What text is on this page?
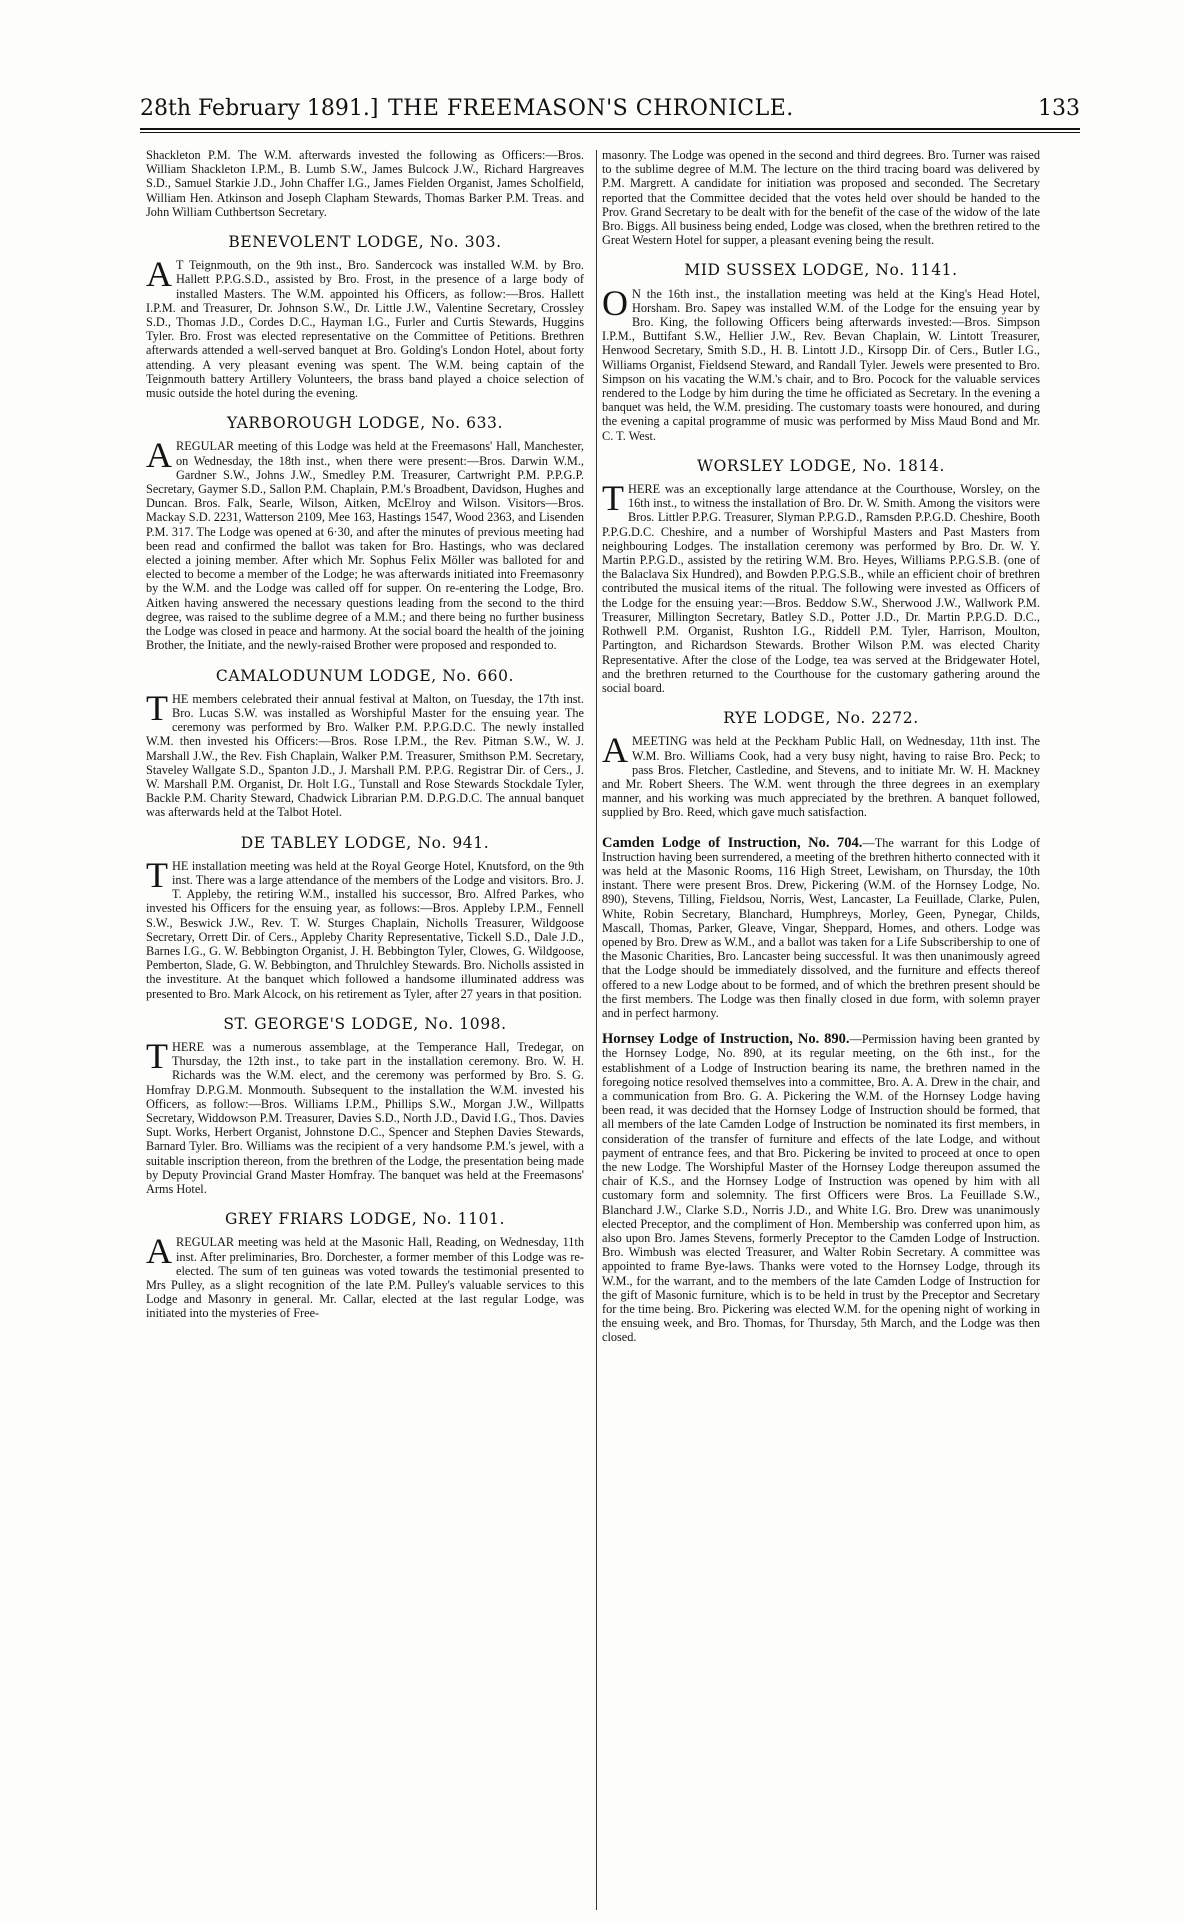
28th February 1891.] THE FREEMASON'S CHRONICLE.	133

Shackleton P.M. The W.M. afterwards invested the following as Officers:—Bros. William Shackleton I.P.M., B. Lumb S.W., James Bulcock J.W., Richard Hargreaves S.D., Samuel Starkie J.D., John Chaffer I.G., James Fielden Organist, James Scholfield, William Hen. Atkinson and Joseph Clapham Stewards, Thomas Barker P.M. Treas. and John William Cuthbertson Secretary.

BENEVOLENT LODGE, No. 303.

A T Teignmouth, on the 9th inst., Bro. Sandercock was installed W.M. by Bro. Hallett P.P.G.S.D., assisted by Bro. Frost, in the presence of a large body of installed Masters. The W.M. appointed his Officers, as follow:—Bros. Hallett I.P.M. and Treasurer, Dr. Johnson S.W., Dr. Little J.W., Valentine Secretary, Crossley S.D., Thomas J.D., Cordes D.C., Hayman I.G., Furler and Curtis Stewards, Huggins Tyler. Bro. Frost was elected representative on the Committee of Petitions. Brethren afterwards attended a well-served banquet at Bro. Golding's London Hotel, about forty attending. A very pleasant evening was spent. The W.M. being captain of the Teignmouth battery Artillery Volunteers, the brass band played a choice selection of music outside the hotel during the evening.

YARBOROUGH LODGE, No. 633.

AREGULAR meeting of this Lodge was held at the Freemasons' Hall, Manchester, on Wednesday, the 18th inst., when there were present:—Bros. Darwin W.M., Gardner S.W., Johns J.W., Smedley P.M. Treasurer, Cartwright P.M. P.P.G.P. Secretary, Gaymer S.D., Sallon P.M. Chaplain, P.M.'s Broadbent, Davidson, Hughes and Duncan. Bros. Falk, Searle, Wilson, Aitken, McElroy and Wilson. Visitors—Bros. Mackay S.D. 2231, Watterson 2109, Mee 163, Hastings 1547, Wood 2363, and Lisenden P.M. 317. The Lodge was opened at 6·30, and after the minutes of previous meeting had been read and confirmed the ballot was taken for Bro. Hastings, who was declared elected a joining member. After which Mr. Sophus Felix Möller was balloted for and elected to become a member of the Lodge; he was afterwards initiated into Freemasonry by the W.M. and the Lodge was called off for supper. On re-entering the Lodge, Bro. Aitken having answered the necessary questions leading from the second to the third degree, was raised to the sublime degree of a M.M.; and there being no further business the Lodge was closed in peace and harmony. At the social board the health of the joining Brother, the Initiate, and the newly-raised Brother were proposed and responded to.

CAMALODUNUM LODGE, No. 660.

THE members celebrated their annual festival at Malton, on Tuesday, the 17th inst. Bro. Lucas S.W. was installed as Worshipful Master for the ensuing year. The ceremony was performed by Bro. Walker P.M. P.P.G.D.C. The newly installed W.M. then invested his Officers:—Bros. Rose I.P.M., the Rev. Pitman S.W., W. J. Marshall J.W., the Rev. Fish Chaplain, Walker P.M. Treasurer, Smithson P.M. Secretary, Staveley Wallgate S.D., Spanton J.D., J. Marshall P.M. P.P.G. Registrar Dir. of Cers., J. W. Marshall P.M. Organist, Dr. Holt I.G., Tunstall and Rose Stewards Stockdale Tyler, Backle P.M. Charity Steward, Chadwick Librarian P.M. D.P.G.D.C. The annual banquet was afterwards held at the Talbot Hotel.

DE TABLEY LODGE, No. 941.

THE installation meeting was held at the Royal George Hotel, Knutsford, on the 9th inst. There was a large attendance of the members of the Lodge and visitors. Bro. J. T. Appleby, the retiring W.M., installed his successor, Bro. Alfred Parkes, who invested his Officers for the ensuing year, as follows:—Bros. Appleby I.P.M., Fennell S.W., Beswick J.W., Rev. T. W. Sturges Chaplain, Nicholls Treasurer, Wildgoose Secretary, Orrett Dir. of Cers., Appleby Charity Representative, Tickell S.D., Dale J.D., Barnes I.G., G. W. Bebbington Organist, J. H. Bebbington Tyler, Clowes, G. Wildgoose, Pemberton, Slade, G. W. Bebbington, and Thrulchley Stewards. Bro. Nicholls assisted in the investiture. At the banquet which followed a handsome illuminated address was presented to Bro. Mark Alcock, on his retirement as Tyler, after 27 years in that position.

ST. GEORGE'S LODGE, No. 1098.

THERE was a numerous assemblage, at the Temperance Hall, Tredegar, on Thursday, the 12th inst., to take part in the installation ceremony. Bro. W. H. Richards was the W.M. elect, and the ceremony was performed by Bro. S. G. Homfray D.P.G.M. Monmouth. Subsequent to the installation the W.M. invested his Officers, as follow:—Bros. Williams I.P.M., Phillips S.W., Morgan J.W., Willpatts Secretary, Widdowson P.M. Treasurer, Davies S.D., North J.D., David I.G., Thos. Davies Supt. Works, Herbert Organist, Johnstone D.C., Spencer and Stephen Davies Stewards, Barnard Tyler. Bro. Williams was the recipient of a very handsome P.M.'s jewel, with a suitable inscription thereon, from the brethren of the Lodge, the presentation being made by Deputy Provincial Grand Master Homfray. The banquet was held at the Freemasons' Arms Hotel.

GREY FRIARS LODGE, No. 1101.

AREGULAR meeting was held at the Masonic Hall, Reading, on Wednesday, 11th inst. After preliminaries, Bro. Dorchester, a former member of this Lodge was re-elected. The sum of ten guineas was voted towards the testimonial presented to Mrs Pulley, as a slight recognition of the late P.M. Pulley's valuable services to this Lodge and Masonry in general. Mr. Callar, elected at the last regular Lodge, was initiated into the mysteries of Free-

masonry. The Lodge was opened in the second and third degrees. Bro. Turner was raised to the sublime degree of M.M. The lecture on the third tracing board was delivered by P.M. Margrett. A candidate for initiation was proposed and seconded. The Secretary reported that the Committee decided that the votes held over should be handed to the Prov. Grand Secretary to be dealt with for the benefit of the case of the widow of the late Bro. Biggs. All business being ended, Lodge was closed, when the brethren retired to the Great Western Hotel for supper, a pleasant evening being the result.

MID SUSSEX LODGE, No. 1141.

O N the 16th inst., the installation meeting was held at the King's Head Hotel, Horsham. Bro. Sapey was installed W.M. of the Lodge for the ensuing year by Bro. King, the following Officers being afterwards invested:—Bros. Simpson I.P.M., Buttifant S.W., Hellier J.W., Rev. Bevan Chaplain, W. Lintott Treasurer, Henwood Secretary, Smith S.D., H. B. Lintott J.D., Kirsopp Dir. of Cers., Butler I.G., Williams Organist, Fieldsend Steward, and Randall Tyler. Jewels were presented to Bro. Simpson on his vacating the W.M.'s chair, and to Bro. Pocock for the valuable services rendered to the Lodge by him during the time he officiated as Secretary. In the evening a banquet was held, the W.M. presiding. The customary toasts were honoured, and during the evening a capital programme of music was performed by Miss Maud Bond and Mr. C. T. West.

WORSLEY LODGE, No. 1814.

THERE was an exceptionally large attendance at the Courthouse, Worsley, on the 16th inst., to witness the installation of Bro. Dr. W. Smith. Among the visitors were Bros. Littler P.P.G. Treasurer, Slyman P.P.G.D., Ramsden P.P.G.D. Cheshire, Booth P.P.G.D.C. Cheshire, and a number of Worshipful Masters and Past Masters from neighbouring Lodges. The installation ceremony was performed by Bro. Dr. W. Y. Martin P.P.G.D., assisted by the retiring W.M. Bro. Heyes, Williams P.P.G.S.B. (one of the Balaclava Six Hundred), and Bowden P.P.G.S.B., while an efficient choir of brethren contributed the musical items of the ritual. The following were invested as Officers of the Lodge for the ensuing year:—Bros. Beddow S.W., Sherwood J.W., Wallwork P.M. Treasurer, Millington Secretary, Batley S.D., Potter J.D., Dr. Martin P.P.G.D. D.C., Rothwell P.M. Organist, Rushton I.G., Riddell P.M. Tyler, Harrison, Moulton, Partington, and Richardson Stewards. Brother Wilson P.M. was elected Charity Representative. After the close of the Lodge, tea was served at the Bridgewater Hotel, and the brethren returned to the Courthouse for the customary gathering around the social board.

RYE LODGE, No. 2272.

AMEETING was held at the Peckham Public Hall, on Wednesday, 11th inst. The W.M. Bro. Williams Cook, had a very busy night, having to raise Bro. Peck; to pass Bros. Fletcher, Castledine, and Stevens, and to initiate Mr. W. H. Mackney and Mr. Robert Sheers. The W.M. went through the three degrees in an exemplary manner, and his working was much appreciated by the brethren. A banquet followed, supplied by Bro. Reed, which gave much satisfaction.

Camden Lodge of Instruction, No. 704.—The warrant for this Lodge of Instruction having been surrendered, a meeting of the brethren hitherto connected with it was held at the Masonic Rooms, 116 High Street, Lewisham, on Thursday, the 10th instant. There were present Bros. Drew, Pickering (W.M. of the Hornsey Lodge, No. 890), Stevens, Tilling, Fieldsou, Norris, West, Lancaster, La Feuillade, Clarke, Pulen, White, Robin Secretary, Blanchard, Humphreys, Morley, Geen, Pynegar, Childs, Mascall, Thomas, Parker, Gleave, Vingar, Sheppard, Homes, and others. Lodge was opened by Bro. Drew as W.M., and a ballot was taken for a Life Subscribership to one of the Masonic Charities, Bro. Lancaster being successful. It was then unanimously agreed that the Lodge should be immediately dissolved, and the furniture and effects thereof offered to a new Lodge about to be formed, and of which the brethren present should be the first members. The Lodge was then finally closed in due form, with solemn prayer and in perfect harmony.

Hornsey Lodge of Instruction, No. 890.—Permission having been granted by the Hornsey Lodge, No. 890, at its regular meeting, on the 6th inst., for the establishment of a Lodge of Instruction bearing its name, the brethren named in the foregoing notice resolved themselves into a committee, Bro. A. A. Drew in the chair, and a communication from Bro. G. A. Pickering the W.M. of the Hornsey Lodge having been read, it was decided that the Hornsey Lodge of Instruction should be formed, that all members of the late Camden Lodge of Instruction be nominated its first members, in consideration of the transfer of furniture and effects of the late Lodge, and without payment of entrance fees, and that Bro. Pickering be invited to proceed at once to open the new Lodge. The Worshipful Master of the Hornsey Lodge thereupon assumed the chair of K.S., and the Hornsey Lodge of Instruction was opened by him with all customary form and solemnity. The first Officers were Bros. La Feuillade S.W., Blanchard J.W., Clarke S.D., Norris J.D., and White I.G. Bro. Drew was unanimously elected Preceptor, and the compliment of Hon. Membership was conferred upon him, as also upon Bro. James Stevens, formerly Preceptor to the Camden Lodge of Instruction. Bro. Wimbush was elected Treasurer, and Walter Robin Secretary. A committee was appointed to frame Bye-laws. Thanks were voted to the Hornsey Lodge, through its W.M., for the warrant, and to the members of the late Camden Lodge of Instruction for the gift of Masonic furniture, which is to be held in trust by the Preceptor and Secretary for the time being. Bro. Pickering was elected W.M. for the opening night of working in the ensuing week, and Bro. Thomas, for Thursday, 5th March, and the Lodge was then closed.
